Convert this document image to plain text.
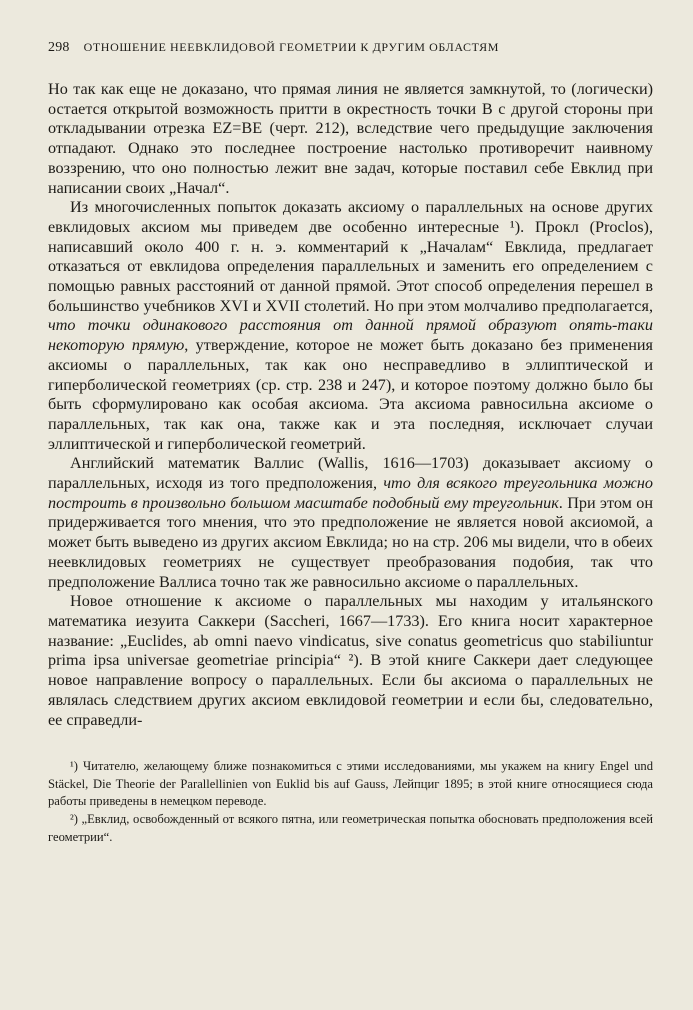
298 ОТНОШЕНИЕ НЕЕВКЛИДОВОЙ ГЕОМЕТРИИ К ДРУГИМ ОБЛАСТЯМ

Но так как еще не доказано, что прямая линия не является замкнутой, то (логически) остается открытой возможность притти в окрестность точки B с другой стороны при откладывании отрезка EZ=BE (черт. 212), вследствие чего предыдущие заключения отпадают. Однако это последнее построение настолько противоречит наивному воззрению, что оно полностью лежит вне задач, которые поставил себе Евклид при написании своих „Начал“.

Из многочисленных попыток доказать аксиому о параллельных на основе других евклидовых аксиом мы приведем две особенно интересные ¹). Прокл (Proclos), написавший около 400 г. н. э. комментарий к „Началам“ Евклида, предлагает отказаться от евклидова определения параллельных и заменить его определением с помощью равных расстояний от данной прямой. Этот способ определения перешел в большинство учебников XVI и XVII столетий. Но при этом молчаливо предполагается, что точки одинакового расстояния от данной прямой образуют опять-таки некоторую прямую, утверждение, которое не может быть доказано без применения аксиомы о параллельных, так как оно несправедливо в эллиптической и гиперболической геометриях (ср. стр. 238 и 247), и которое поэтому должно было бы быть сформулировано как особая аксиома. Эта аксиома равносильна аксиоме о параллельных, так как она, также как и эта последняя, исключает случаи эллиптической и гиперболической геометрий.

Английский математик Валлис (Wallis, 1616—1703) доказывает аксиому о параллельных, исходя из того предположения, что для всякого треугольника можно построить в произвольно большом масштабе подобный ему треугольник. При этом он придерживается того мнения, что это предположение не является новой аксиомой, а может быть выведено из других аксиом Евклида; но на стр. 206 мы видели, что в обеих неевклидовых геометриях не существует преобразования подобия, так что предположение Валлиса точно так же равносильно аксиоме о параллельных.

Новое отношение к аксиоме о параллельных мы находим у итальянского математика иезуита Саккери (Saccheri, 1667—1733). Его книга носит характерное название: „Euclides, ab omni naevo vindicatus, sive conatus geometricus quo stabiliuntur prima ipsa universae geometriae principia“ ²). В этой книге Саккери дает следующее новое направление вопросу о параллельных. Если бы аксиома о параллельных не являлась следствием других аксиом евклидовой геометрии и если бы, следовательно, ее справедли-

¹) Читателю, желающему ближе познакомиться с этими исследованиями, мы укажем на книгу Engel und Stäckel, Die Theorie der Parallellinien von Euklid bis auf Gauss, Лейпциг 1895; в этой книге относящиеся сюда работы приведены в немецком переводе.

²) „Евклид, освобожденный от всякого пятна, или геометрическая попытка обосновать предположения всей геометрии“.
